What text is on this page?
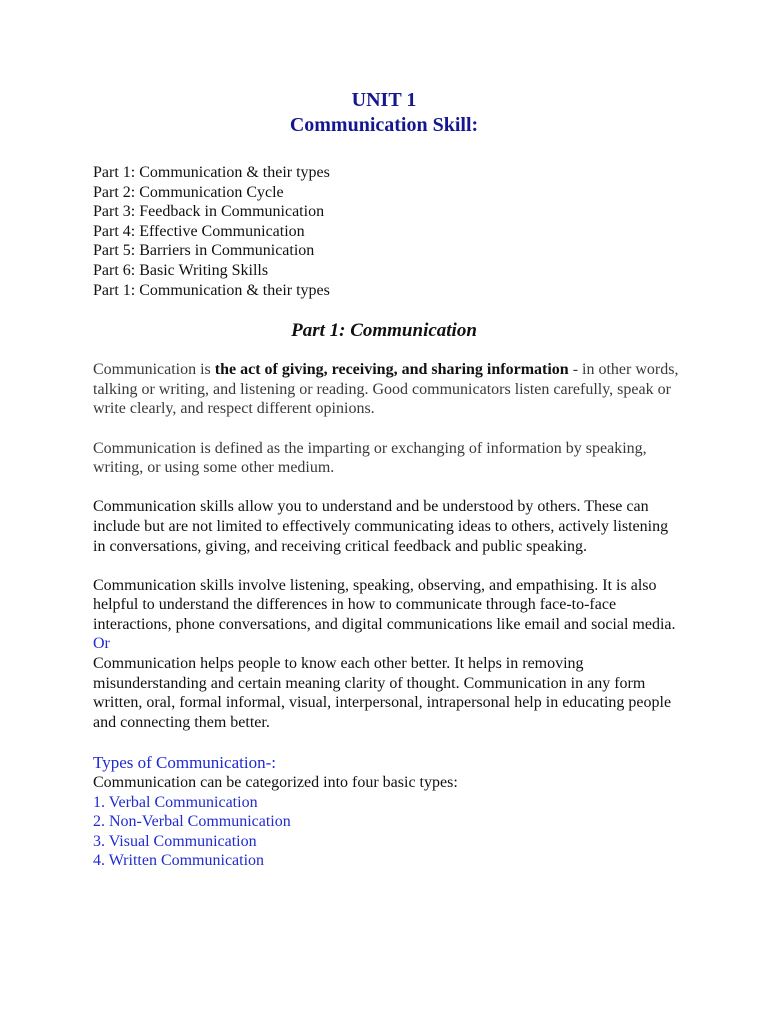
UNIT 1
Communication Skill:
Part 1: Communication & their types
Part 2: Communication Cycle
Part 3: Feedback in Communication
Part 4: Effective Communication
Part 5: Barriers in Communication
Part 6: Basic Writing Skills
Part 1: Communication & their types
Part 1: Communication

Communication is the act of giving, receiving, and sharing information - in other words, talking or writing, and listening or reading. Good communicators listen carefully, speak or write clearly, and respect different opinions.

Communication is defined as the imparting or exchanging of information by speaking, writing, or using some other medium.

Communication skills allow you to understand and be understood by others. These can include but are not limited to effectively communicating ideas to others, actively listening in conversations, giving, and receiving critical feedback and public speaking.

Communication skills involve listening, speaking, observing, and empathising. It is also helpful to understand the differences in how to communicate through face-to-face interactions, phone conversations, and digital communications like email and social media.

Or

Communication helps people to know each other better. It helps in removing misunderstanding and certain meaning clarity of thought. Communication in any form written, oral, formal informal, visual, interpersonal, intrapersonal help in educating people and connecting them better.

Types of Communication-:
Communication can be categorized into four basic types:
1. Verbal Communication
2. Non-Verbal Communication
3. Visual Communication
4. Written Communication
